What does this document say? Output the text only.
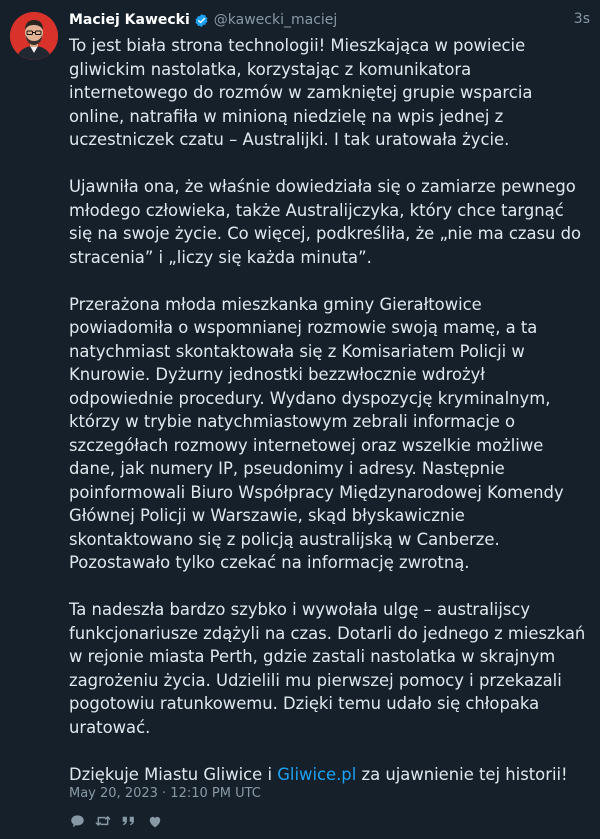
Maciej Kawecki @kawecki_maciej	3s

To jest biała strona technologii! Mieszkająca w powiecie gliwickim nastolatka, korzystając z komunikatora internetowego do rozmów w zamkniętej grupie wsparcia online, natrafiła w minioną niedzielę na wpis jednej z uczestniczek czatu – Australijki. I tak uratowała życie.

Ujawniła ona, że właśnie dowiedziała się o zamiarze pewnego młodego człowieka, także Australijczyka, który chce targnąć się na swoje życie. Co więcej, podkreśliła, że „nie ma czasu do stracenia” i „liczy się każda minuta”.

Przerażona młoda mieszkanka gminy Gierałtowice powiadomiła o wspomnianej rozmowie swoją mamę, a ta natychmiast skontaktowała się z Komisariatem Policji w Knurowie. Dyżurny jednostki bezzwłocznie wdrożył odpowiednie procedury. Wydano dyspozycję kryminalnym, którzy w trybie natychmiastowym zebrali informacje o szczegółach rozmowy internetowej oraz wszelkie możliwe dane, jak numery IP, pseudonimy i adresy. Następnie poinformowali Biuro Współpracy Międzynarodowej Komendy Głównej Policji w Warszawie, skąd błyskawicznie skontaktowano się z policją australijską w Canberze. Pozostawało tylko czekać na informację zwrotną.

Ta nadeszła bardzo szybko i wywołała ulgę – australijscy funkcjonariusze zdążyli na czas. Dotarli do jednego z mieszkań w rejonie miasta Perth, gdzie zastali nastolatka w skrajnym zagrożeniu życia. Udzielili mu pierwszej pomocy i przekazali pogotowiu ratunkowemu. Dzięki temu udało się chłopaka uratować.

Dziękuje Miastu Gliwice i Gliwice.pl za ujawnienie tej historii!

May 20, 2023 · 12:10 PM UTC
